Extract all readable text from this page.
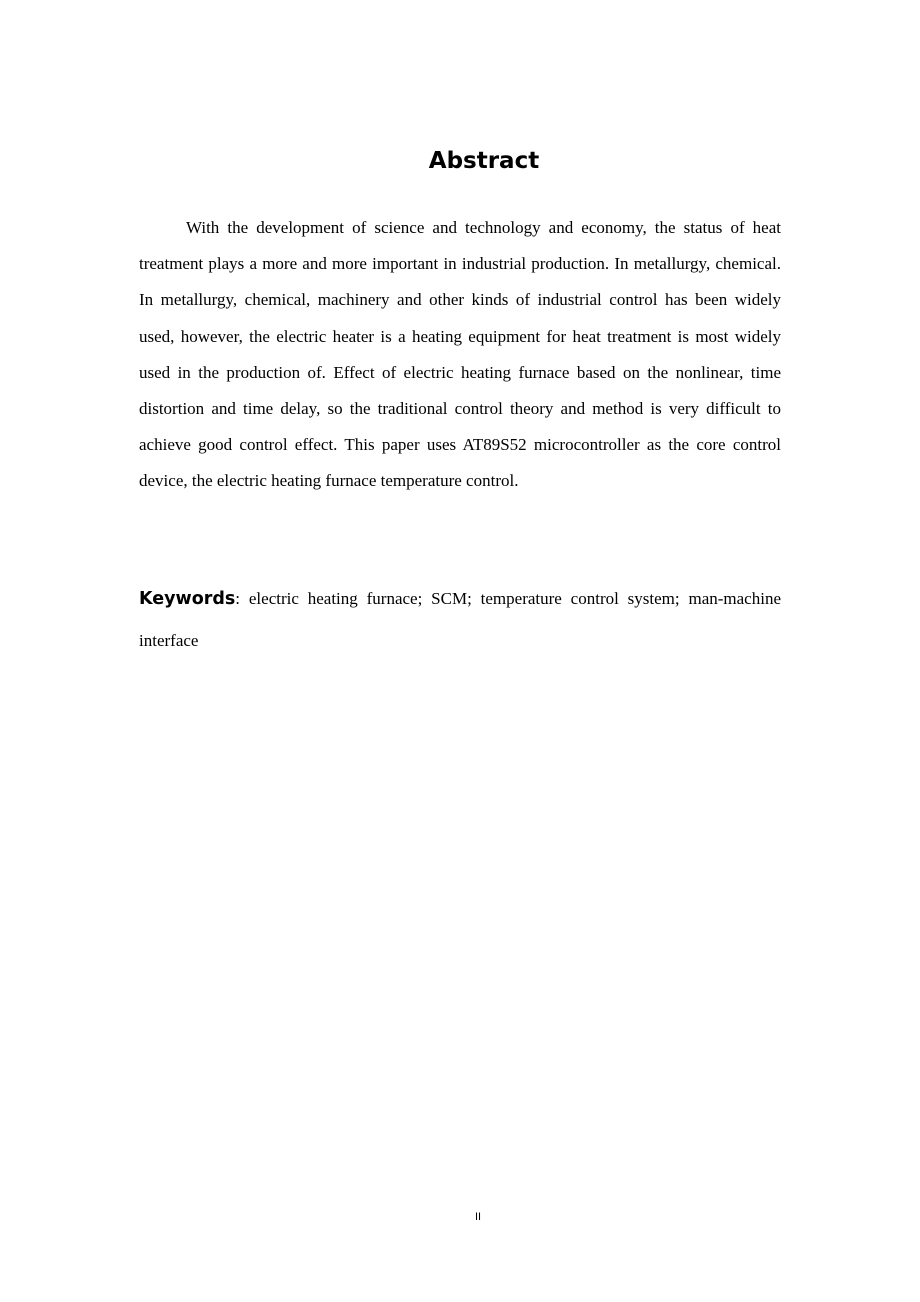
Abstract

With the development of science and technology and economy, the status of heat treatment plays a more and more important in industrial production. In metallurgy, chemical. In metallurgy, chemical, machinery and other kinds of industrial control has been widely used, however, the electric heater is a heating equipment for heat treatment is most widely used in the production of. Effect of electric heating furnace based on the nonlinear, time distortion and time delay, so the traditional control theory and method is very difficult to achieve good control effect. This paper uses AT89S52 microcontroller as the core control device, the electric heating furnace temperature control.

Keywords: electric heating furnace; SCM; temperature control system; man-machine interface

II
